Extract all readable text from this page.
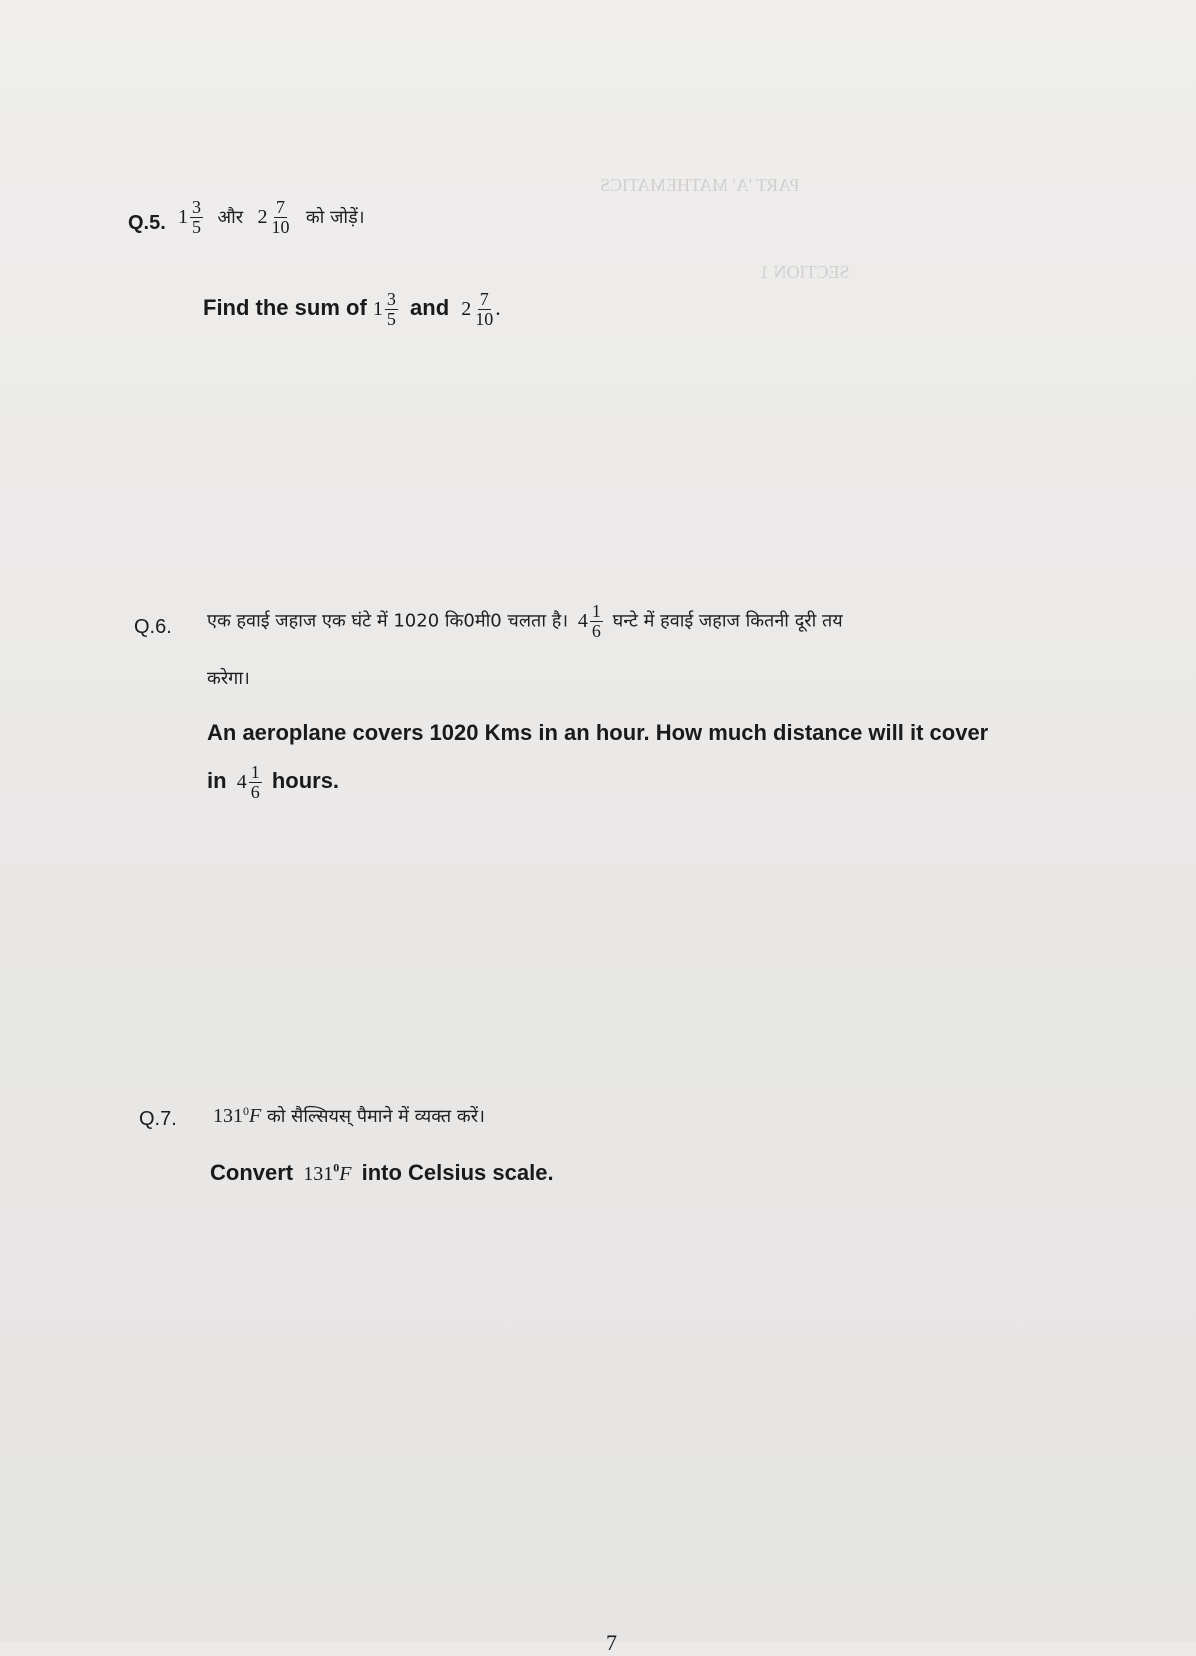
PART 'A' MATHEMATICS
SECTION 1
Q.5. $1 \frac{3}{5}$ और $2 \frac{7}{10}$ को जोड़ें।
Find the sum of $1 \frac{3}{5}$ and $2 \frac{7}{10}$ .
Q.6. एक हवाई जहाज एक घंटे में 1020 कि0मी0 चलता है। $4 \frac{1}{6}$ घन्टे में हवाई जहाज कितनी दूरी तय
करेगा।
An aeroplane covers 1020 Kms in an hour. How much distance will it cover
in $4 \frac{1}{6}$ hours.
Q.7. $131^0F$ को सैल्सियस् पैमाने में व्यक्त करें।
Convert $131^0F$ into Celsius scale.
7
